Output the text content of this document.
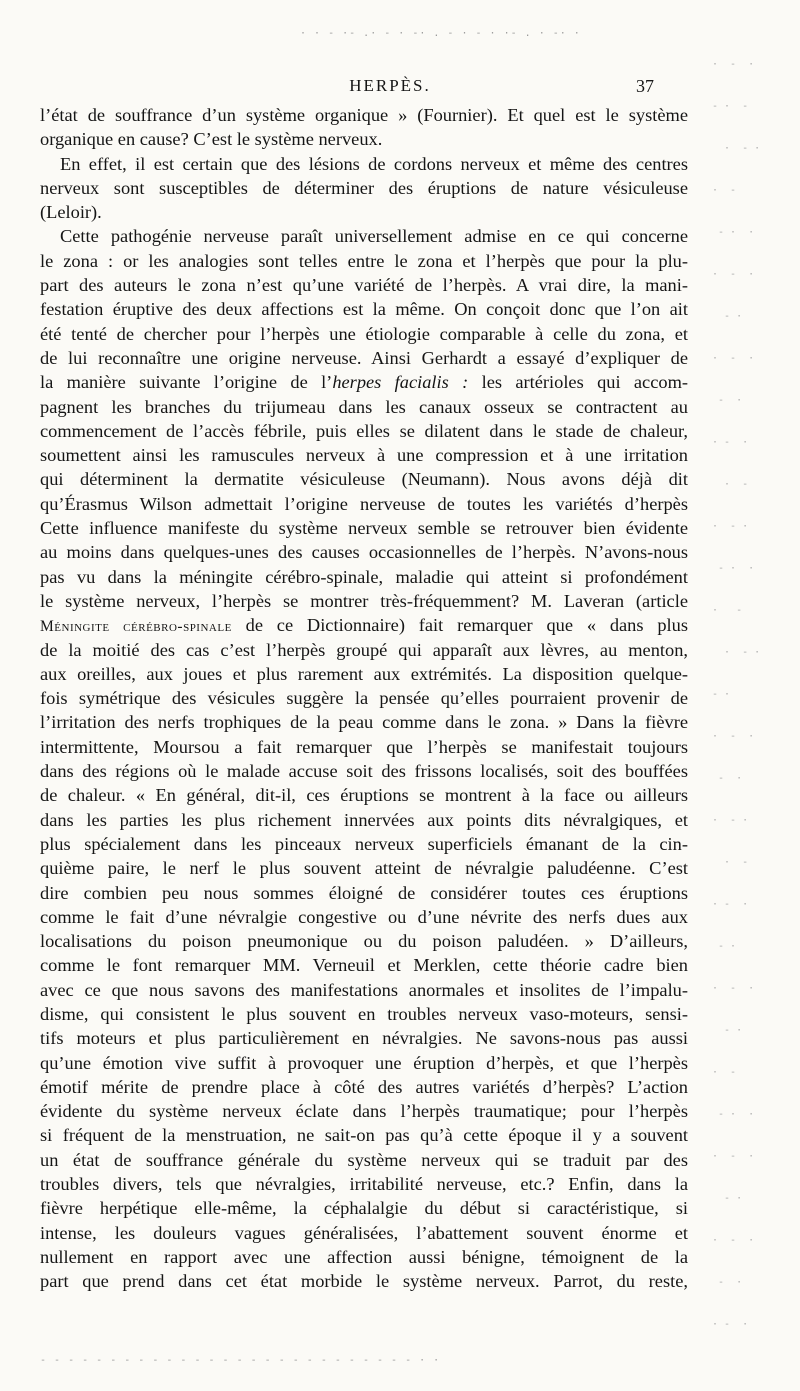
· · - ·- .· - · -· . - · - · ·- . · -· ·
HERPÈS.	37
l’état de souffrance d’un système organique » (Fournier). Et quel est le système
organique en cause? C’est le système nerveux.
En effet, il est certain que des lésions de cordons nerveux et même des centres
nerveux sont susceptibles de déterminer des éruptions de nature vésiculeuse
(Leloir).
Cette pathogénie nerveuse paraît universellement admise en ce qui concerne
le zona : or les analogies sont telles entre le zona et l’herpès que pour la plu-
part des auteurs le zona n’est qu’une variété de l’herpès. A vrai dire, la mani-
festation éruptive des deux affections est la même. On conçoit donc que l’on ait
été tenté de chercher pour l’herpès une étiologie comparable à celle du zona, et
de lui reconnaître une origine nerveuse. Ainsi Gerhardt a essayé d’expliquer de
la manière suivante l’origine de l’herpes facialis : les artérioles qui accom-
pagnent les branches du trijumeau dans les canaux osseux se contractent au
commencement de l’accès fébrile, puis elles se dilatent dans le stade de chaleur,
soumettent ainsi les ramuscules nerveux à une compression et à une irritation
qui déterminent la dermatite vésiculeuse (Neumann). Nous avons déjà dit
qu’Érasmus Wilson admettait l’origine nerveuse de toutes les variétés d’herpès
Cette influence manifeste du système nerveux semble se retrouver bien évidente
au moins dans quelques-unes des causes occasionnelles de l’herpès. N’avons-nous
pas vu dans la méningite cérébro-spinale, maladie qui atteint si profondément
le système nerveux, l’herpès se montrer très-fréquemment? M. Laveran (article
Méningite cérébro-spinale de ce Dictionnaire) fait remarquer que « dans plus
de la moitié des cas c’est l’herpès groupé qui apparaît aux lèvres, au menton,
aux oreilles, aux joues et plus rarement aux extrémités. La disposition quelque-
fois symétrique des vésicules suggère la pensée qu’elles pourraient provenir de
l’irritation des nerfs trophiques de la peau comme dans le zona. » Dans la fièvre
intermittente, Moursou a fait remarquer que l’herpès se manifestait toujours
dans des régions où le malade accuse soit des frissons localisés, soit des bouffées
de chaleur. « En général, dit-il, ces éruptions se montrent à la face ou ailleurs
dans les parties les plus richement innervées aux points dits névralgiques, et
plus spécialement dans les pinceaux nerveux superficiels émanant de la cin-
quième paire, le nerf le plus souvent atteint de névralgie paludéenne. C’est
dire combien peu nous sommes éloigné de considérer toutes ces éruptions
comme le fait d’une névralgie congestive ou d’une névrite des nerfs dues aux
localisations du poison pneumonique ou du poison paludéen. » D’ailleurs,
comme le font remarquer MM. Verneuil et Merklen, cette théorie cadre bien
avec ce que nous savons des manifestations anormales et insolites de l’impalu-
disme, qui consistent le plus souvent en troubles nerveux vaso-moteurs, sensi-
tifs moteurs et plus particulièrement en névralgies. Ne savons-nous pas aussi
qu’une émotion vive suffit à provoquer une éruption d’herpès, et que l’herpès
émotif mérite de prendre place à côté des autres variétés d’herpès? L’action
évidente du système nerveux éclate dans l’herpès traumatique; pour l’herpès
si fréquent de la menstruation, ne sait-on pas qu’à cette époque il y a souvent
un état de souffrance générale du système nerveux qui se traduit par des
troubles divers, tels que névralgies, irritabilité nerveuse, etc.? Enfin, dans la
fièvre herpétique elle-même, la céphalalgie du début si caractéristique, si
intense, les douleurs vagues généralisées, l’abattement souvent énorme et
nullement en rapport avec une affection aussi bénigne, témoignent de la
part que prend dans cet état morbide le système nerveux. Parrot, du reste,
·  -  ·
- ·  -
·  - ·
·  -
- ·  ·
·  -  ·
- ·
·  -  ·
-  ·
· -  ·
·  -
·  - ·
- ·  ·
·   -
·  - ·
- ·
·  -  ·
-  ·
·  - ·
·  -
· -  ·
- ·
·  -  ·
- ·
·  -
- ·  ·
·  -  ·
- ·
·  -  ·
-  ·
· -  ·
- - - - - - - - - - - - - - - - - - - - - - - - - - - · ·
